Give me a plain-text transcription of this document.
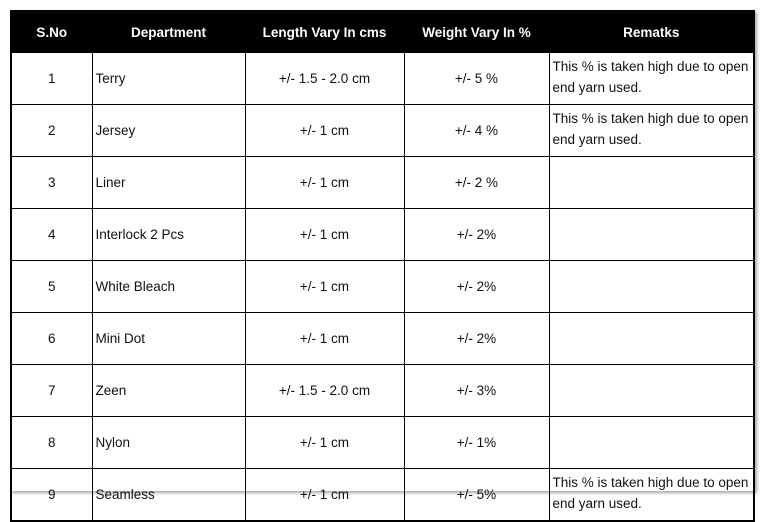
S.No	Department	Length Vary In cms	Weight Vary In %	Rematks
1	Terry	+/- 1.5 - 2.0 cm	+/- 5 %	This % is taken high due to open end yarn used.
2	Jersey	+/- 1 cm	+/- 4 %	This % is taken high due to open end yarn used.
3	Liner	+/- 1 cm	+/- 2 %	
4	Interlock 2 Pcs	+/- 1 cm	+/- 2%	
5	White Bleach	+/- 1 cm	+/- 2%	
6	Mini Dot	+/- 1 cm	+/- 2%	
7	Zeen	+/- 1.5 - 2.0 cm	+/- 3%	
8	Nylon	+/- 1 cm	+/- 1%	
9	Seamless	+/- 1 cm	+/- 5%	This % is taken high due to open end yarn used.
